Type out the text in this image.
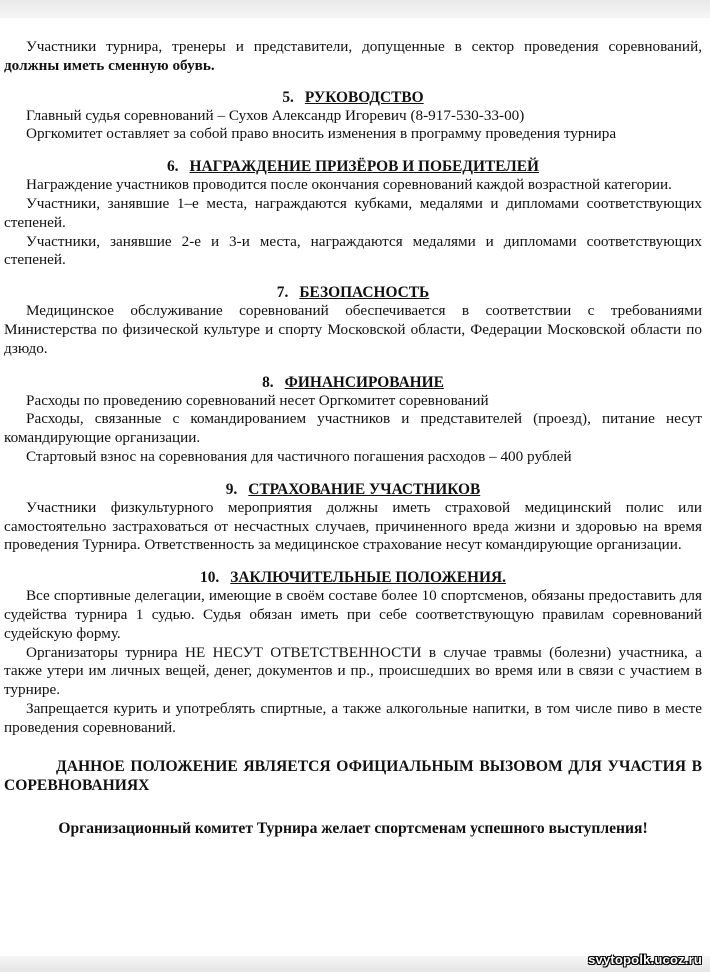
Участники турнира, тренеры и представители, допущенные в сектор проведения соревнований, должны иметь сменную обувь.

5. РУКОВОДСТВО

Главный судья соревнований – Сухов Александр Игоревич (8-917-530-33-00)

Оргкомитет оставляет за собой право вносить изменения в программу проведения турнира

6. НАГРАЖДЕНИЕ ПРИЗЁРОВ И ПОБЕДИТЕЛЕЙ

Награждение участников проводится после окончания соревнований каждой возрастной категории.

Участники, занявшие 1–е места, награждаются кубками, медалями и дипломами соответствующих степеней.

Участники, занявшие 2-е и 3-и места, награждаются медалями и дипломами соответствующих степеней.

7. БЕЗОПАСНОСТЬ

Медицинское обслуживание соревнований обеспечивается в соответствии с требованиями Министерства по физической культуре и спорту Московской области, Федерации Московской области по дзюдо.

8. ФИНАНСИРОВАНИЕ

Расходы по проведению соревнований несет Оргкомитет соревнований

Расходы, связанные с командированием участников и представителей (проезд), питание несут командирующие организации.

Стартовый взнос на соревнования для частичного погашения расходов – 400 рублей

9. СТРАХОВАНИЕ УЧАСТНИКОВ

Участники физкультурного мероприятия должны иметь страховой медицинский полис или самостоятельно застраховаться от несчастных случаев, причиненного вреда жизни и здоровью на время проведения Турнира. Ответственность за медицинское страхование несут командирующие организации.

10. ЗАКЛЮЧИТЕЛЬНЫЕ ПОЛОЖЕНИЯ.

Все спортивные делегации, имеющие в своём составе более 10 спортсменов, обязаны предоставить для судейства турнира 1 судью. Судья обязан иметь при себе соответствующую правилам соревнований судейскую форму.

Организаторы турнира НЕ НЕСУТ ОТВЕТСТВЕННОСТИ в случае травмы (болезни) участника, а также утери им личных вещей, денег, документов и пр., происшедших во время или в связи с участием в турнире.

Запрещается курить и употреблять спиртные, а также алкогольные напитки, в том числе пиво в месте проведения соревнований.

ДАННОЕ ПОЛОЖЕНИЕ ЯВЛЯЕТСЯ ОФИЦИАЛЬНЫМ ВЫЗОВОМ ДЛЯ УЧАСТИЯ В СОРЕВНОВАНИЯХ

Организационный комитет Турнира желает спортсменам успешного выступления!

svytopolk.ucoz.ru
